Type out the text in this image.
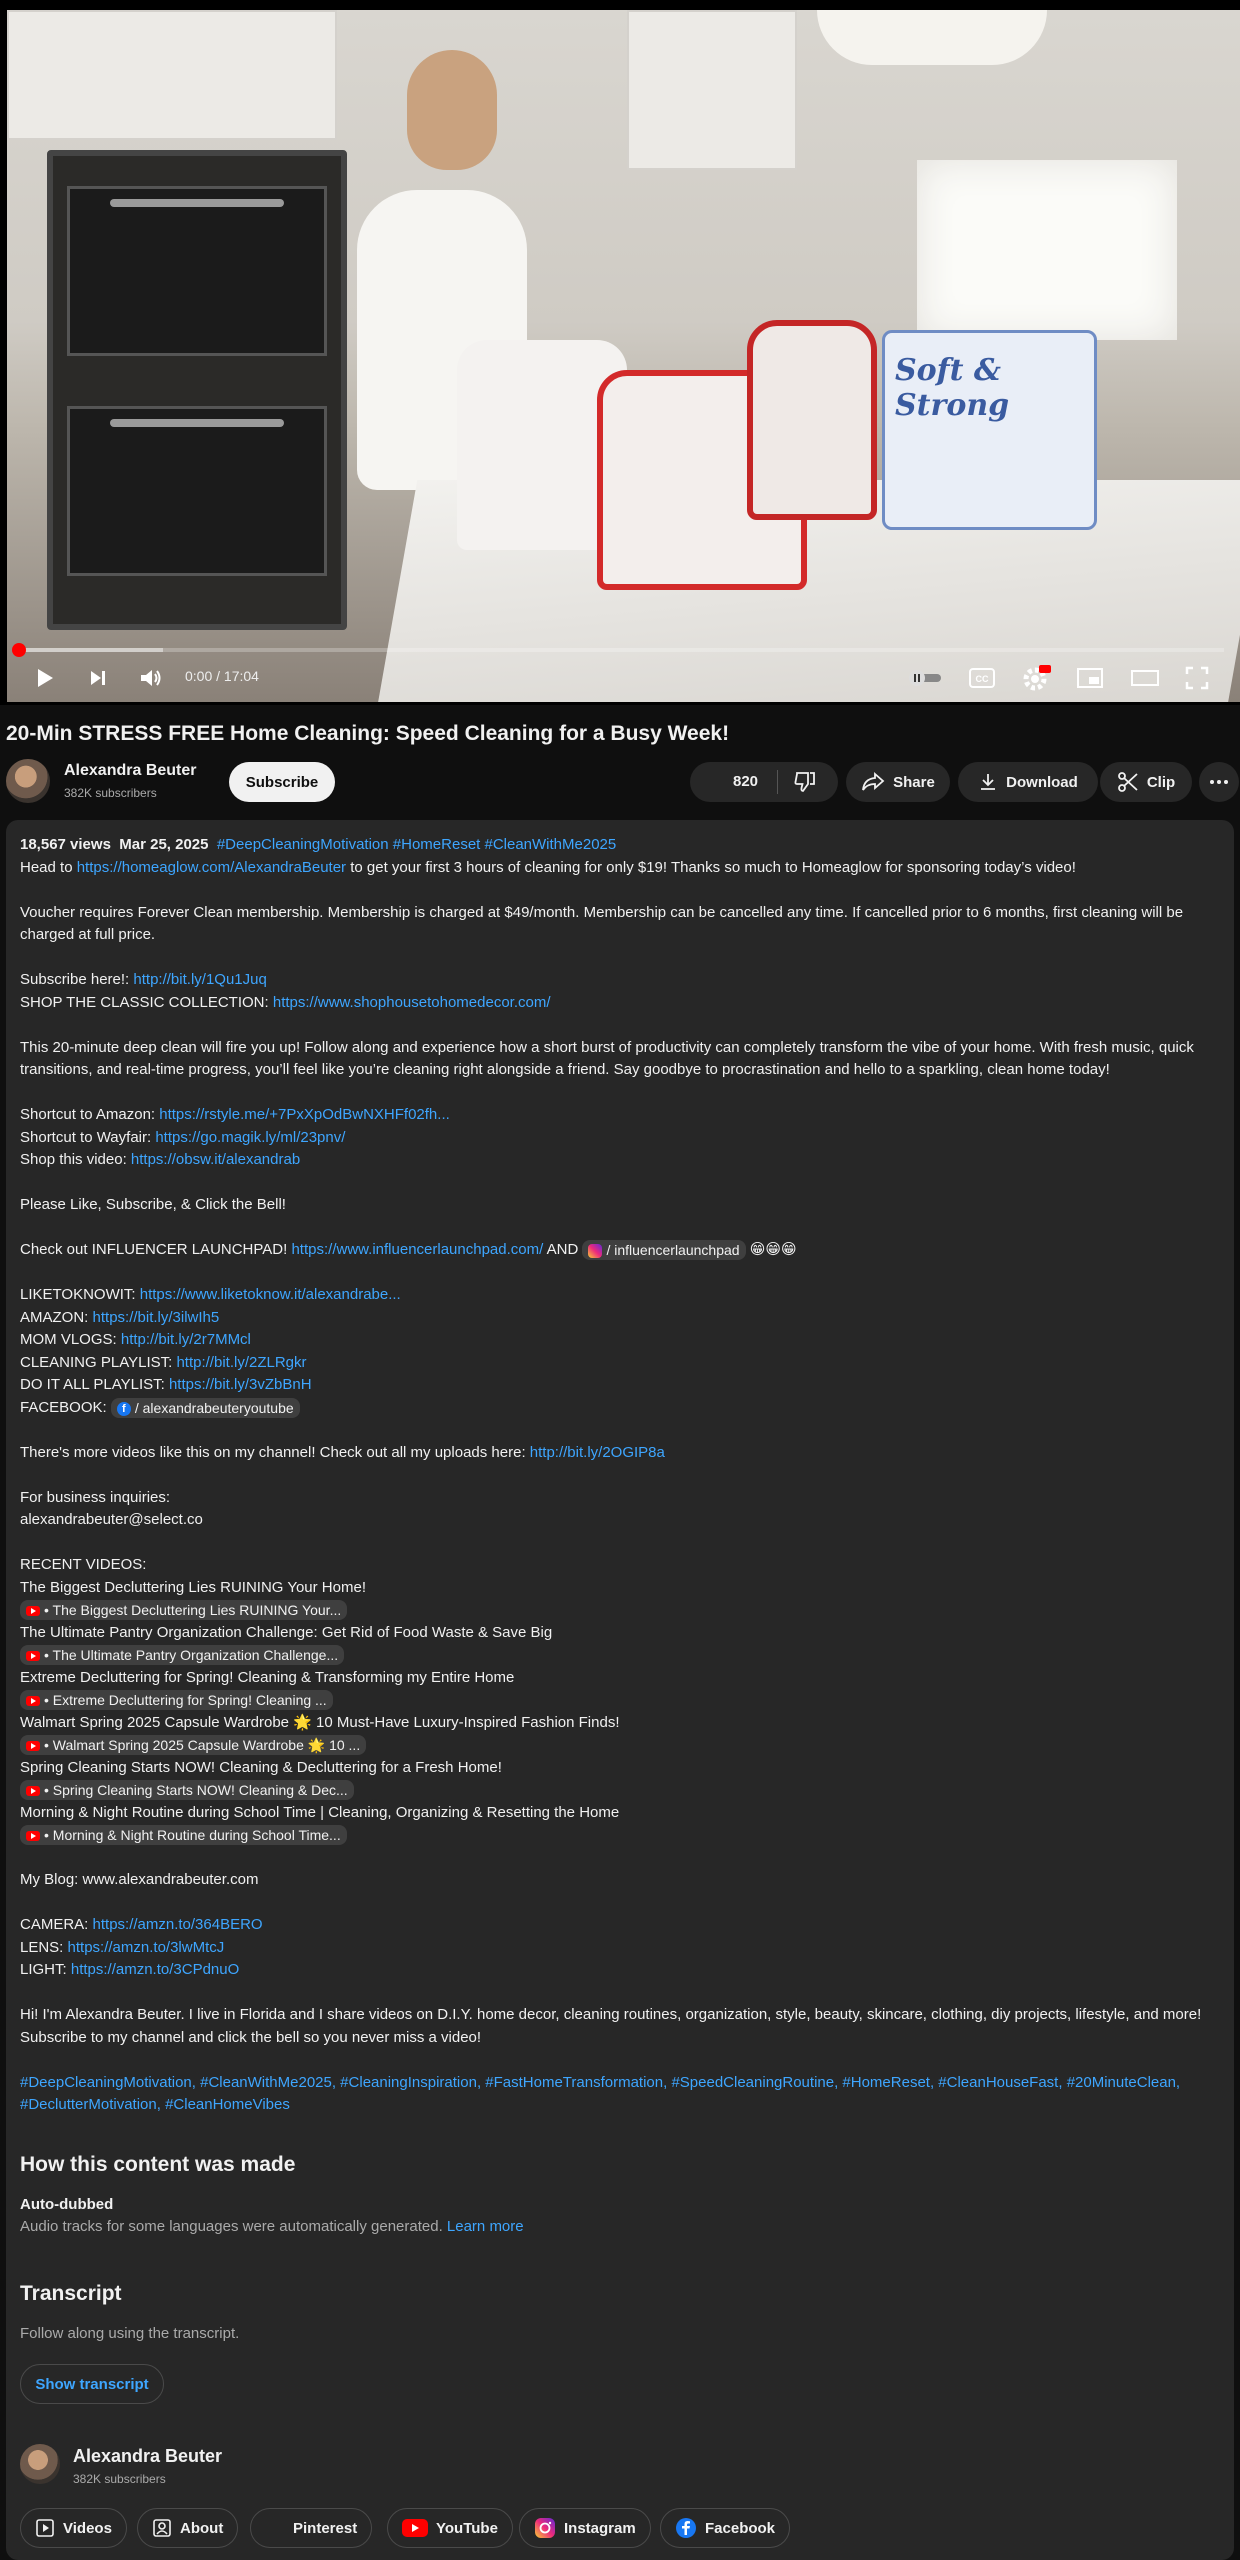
Soft & Strong
0:00 / 17:04	CC
20-Min STRESS FREE Home Cleaning: Speed Cleaning for a Busy Week!
Alexandra Beuter
382K subscribers
Subscribe	820	Share	Download	Clip
18,567 views Mar 25, 2025 #DeepCleaningMotivation #HomeReset #CleanWithMe2025
Head to https://homeaglow.com/AlexandraBeuter to get your first 3 hours of cleaning for only $19! Thanks so much to Homeaglow for sponsoring today’s video!
Voucher requires Forever Clean membership. Membership is charged at $49/month. Membership can be cancelled any time. If cancelled prior to 6 months, first cleaning will be charged at full price.
Subscribe here!: http://bit.ly/1Qu1Juq
SHOP THE CLASSIC COLLECTION: https://www.shophousetohomedecor.com/
This 20-minute deep clean will fire you up! Follow along and experience how a short burst of productivity can completely transform the vibe of your home. With fresh music, quick transitions, and real-time progress, you’ll feel like you’re cleaning right alongside a friend. Say goodbye to procrastination and hello to a sparkling, clean home today!
Shortcut to Amazon: https://rstyle.me/+7PxXpOdBwNXHFf02fh...
Shortcut to Wayfair: https://go.magik.ly/ml/23pnv/
Shop this video: https://obsw.it/alexandrab
Please Like, Subscribe, & Click the Bell!
Check out INFLUENCER LAUNCHPAD! https://www.influencerlaunchpad.com/ AND / influencerlaunchpad 😁😁😁
LIKETOKNOWIT: https://www.liketoknow.it/alexandrabe...
AMAZON: https://bit.ly/3ilwIh5
MOM VLOGS: http://bit.ly/2r7MMcl
CLEANING PLAYLIST: http://bit.ly/2ZLRgkr
DO IT ALL PLAYLIST: https://bit.ly/3vZbBnH
FACEBOOK: f / alexandrabeuteryoutube
There's more videos like this on my channel! Check out all my uploads here: http://bit.ly/2OGIP8a
For business inquiries:
alexandrabeuter@select.co
RECENT VIDEOS:
The Biggest Decluttering Lies RUINING Your Home!
• The Biggest Decluttering Lies RUINING Your...
The Ultimate Pantry Organization Challenge: Get Rid of Food Waste & Save Big
• The Ultimate Pantry Organization Challenge...
Extreme Decluttering for Spring! Cleaning & Transforming my Entire Home
• Extreme Decluttering for Spring! Cleaning ...
Walmart Spring 2025 Capsule Wardrobe 🌟 10 Must-Have Luxury-Inspired Fashion Finds!
• Walmart Spring 2025 Capsule Wardrobe 🌟 10 ...
Spring Cleaning Starts NOW! Cleaning & Decluttering for a Fresh Home!
• Spring Cleaning Starts NOW! Cleaning & Dec...
Morning & Night Routine during School Time | Cleaning, Organizing & Resetting the Home
• Morning & Night Routine during School Time...
My Blog: www.alexandrabeuter.com
CAMERA: https://amzn.to/364BERO
LENS: https://amzn.to/3lwMtcJ
LIGHT: https://amzn.to/3CPdnuO
Hi! I'm Alexandra Beuter. I live in Florida and I share videos on D.I.Y. home decor, cleaning routines, organization, style, beauty, skincare, clothing, diy projects, lifestyle, and more! Subscribe to my channel and click the bell so you never miss a video!
#DeepCleaningMotivation, #CleanWithMe2025, #CleaningInspiration, #FastHomeTransformation, #SpeedCleaningRoutine, #HomeReset, #CleanHouseFast, #20MinuteClean, #DeclutterMotivation, #CleanHomeVibes
How this content was made
Auto-dubbed
Audio tracks for some languages were automatically generated. Learn more
Transcript
Follow along using the transcript.
Show transcript
Alexandra Beuter
382K subscribers
Videos	About	Pinterest	YouTube	Instagram	Facebook
